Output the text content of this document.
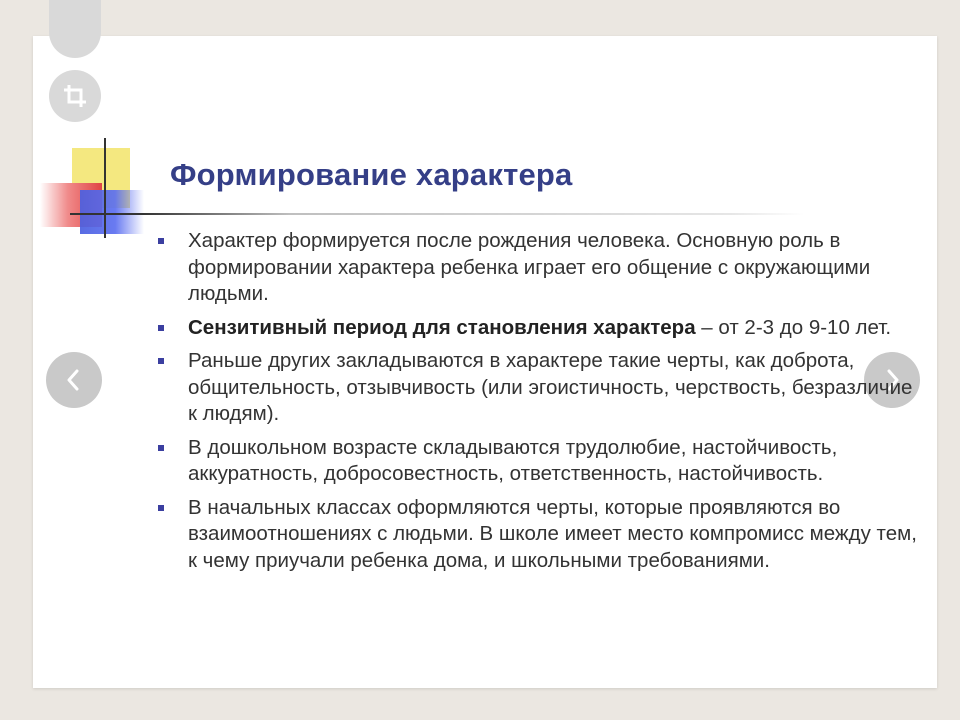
Формирование характера
Характер формируется после рождения человека. Основную роль в формировании характера ребенка играет его общение с окружающими людьми.
Сензитивный период для становления характера – от 2-3 до 9-10 лет.
Раньше других закладываются в характере такие черты, как доброта, общительность, отзывчивость (или эгоистичность, черствость, безразличие к людям).
В дошкольном возрасте складываются трудолюбие, настойчивость, аккуратность, добросовестность, ответственность, настойчивость.
В начальных классах оформляются черты, которые проявляются во взаимоотношениях с людьми. В школе имеет место компромисс между тем, к чему приучали ребенка дома, и школьными требованиями.
